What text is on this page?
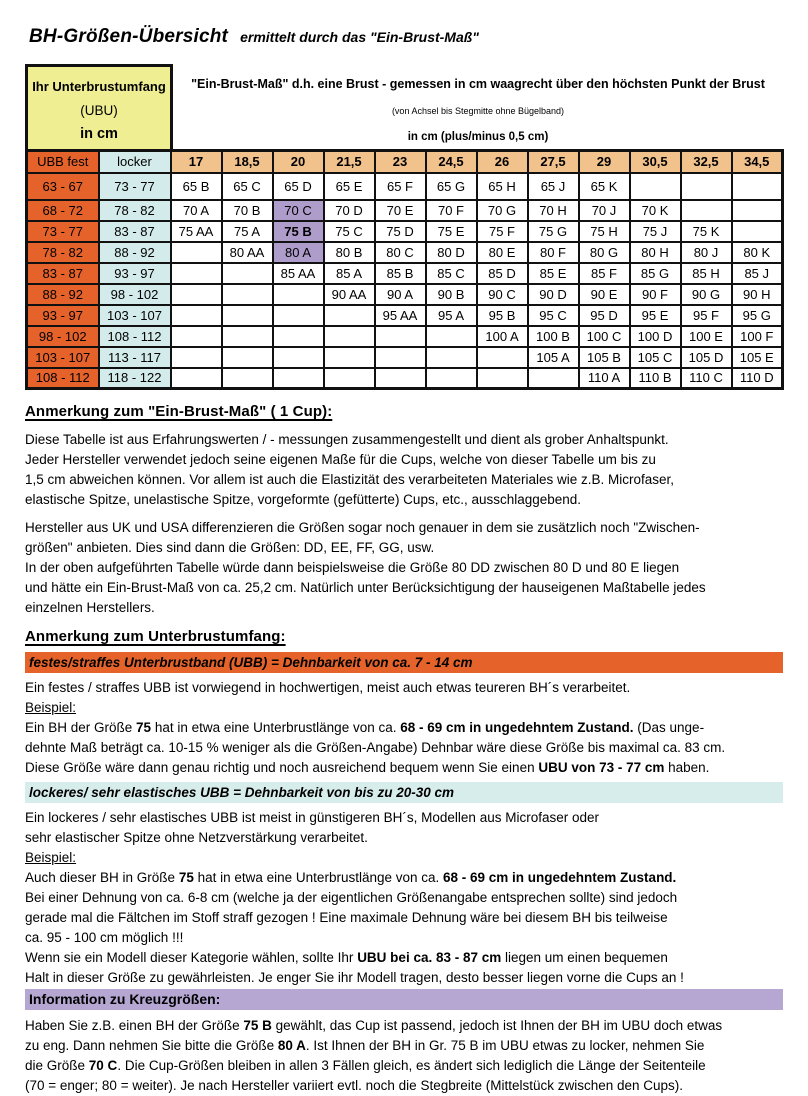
BH-Größen-Übersicht ermittelt durch das "Ein-Brust-Maß"
Ihr Unterbrustumfang
(UBU)
in cm
"Ein-Brust-Maß" d.h. eine Brust - gemessen in cm waagrecht über den höchsten Punkt der Brust
(von Achsel bis Stegmitte ohne Bügelband)
in cm (plus/minus 0,5 cm)
UBB fest	locker	17	18,5	20	21,5	23	24,5	26	27,5	29	30,5	32,5	34,5
63 - 67	73 - 77	65 B	65 C	65 D	65 E	65 F	65 G	65 H	65 J	65 K			
68 - 72	78 - 82	70 A	70 B	70 C	70 D	70 E	70 F	70 G	70 H	70 J	70 K		
73 - 77	83 - 87	75 AA	75 A	75 B	75 C	75 D	75 E	75 F	75 G	75 H	75 J	75 K	
78 - 82	88 - 92		80 AA	80 A	80 B	80 C	80 D	80 E	80 F	80 G	80 H	80 J	80 K
83 - 87	93 - 97			85 AA	85 A	85 B	85 C	85 D	85 E	85 F	85 G	85 H	85 J
88 - 92	98 - 102				90 AA	90 A	90 B	90 C	90 D	90 E	90 F	90 G	90 H
93 - 97	103 - 107					95 AA	95 A	95 B	95 C	95 D	95 E	95 F	95 G
98 - 102	108 - 112							100 A	100 B	100 C	100 D	100 E	100 F
103 - 107	113 - 117								105 A	105 B	105 C	105 D	105 E
108 - 112	118 - 122									110 A	110 B	110 C	110 D
Anmerkung zum "Ein-Brust-Maß" ( 1 Cup):
Diese Tabelle ist aus Erfahrungswerten / - messungen zusammengestellt und dient als grober Anhaltspunkt.
Jeder Hersteller verwendet jedoch seine eigenen Maße für die Cups, welche von dieser Tabelle um bis zu
1,5 cm abweichen können. Vor allem ist auch die Elastizität des verarbeiteten Materiales wie z.B. Microfaser,
elastische Spitze, unelastische Spitze, vorgeformte (gefütterte) Cups, etc., ausschlaggebend.
Hersteller aus UK und USA differenzieren die Größen sogar noch genauer in dem sie zusätzlich noch "Zwischen-
größen" anbieten. Dies sind dann die Größen: DD, EE, FF, GG, usw.
In der oben aufgeführten Tabelle würde dann beispielsweise die Größe 80 DD zwischen 80 D und 80 E liegen
und hätte ein Ein-Brust-Maß von ca. 25,2 cm. Natürlich unter Berücksichtigung der hauseigenen Maßtabelle jedes
einzelnen Herstellers.
Anmerkung zum Unterbrustumfang:
festes/straffes Unterbrustband (UBB) = Dehnbarkeit von ca. 7 - 14 cm
Ein festes / straffes UBB ist vorwiegend in hochwertigen, meist auch etwas teureren BH´s verarbeitet.
Beispiel:
Ein BH der Größe 75 hat in etwa eine Unterbrustlänge von ca. 68 - 69 cm in ungedehntem Zustand. (Das unge-
dehnte Maß beträgt ca. 10-15 % weniger als die Größen-Angabe) Dehnbar wäre diese Größe bis maximal ca. 83 cm.
Diese Größe wäre dann genau richtig und noch ausreichend bequem wenn Sie einen UBU von 73 - 77 cm haben.
lockeres/ sehr elastisches UBB = Dehnbarkeit von bis zu 20-30 cm
Ein lockeres / sehr elastisches UBB ist meist in günstigeren BH´s, Modellen aus Microfaser oder
sehr elastischer Spitze ohne Netzverstärkung verarbeitet.
Beispiel:
Auch dieser BH in Größe 75 hat in etwa eine Unterbrustlänge von ca. 68 - 69 cm in ungedehntem Zustand.
Bei einer Dehnung von ca. 6-8 cm (welche ja der eigentlichen Größenangabe entsprechen sollte) sind jedoch
gerade mal die Fältchen im Stoff straff gezogen ! Eine maximale Dehnung wäre bei diesem BH bis teilweise
ca. 95 - 100 cm möglich !!!
Wenn sie ein Modell dieser Kategorie wählen, sollte Ihr UBU bei ca. 83 - 87 cm liegen um einen bequemen
Halt in dieser Größe zu gewährleisten. Je enger Sie ihr Modell tragen, desto besser liegen vorne die Cups an !
Information zu Kreuzgrößen:
Haben Sie z.B. einen BH der Größe 75 B gewählt, das Cup ist passend, jedoch ist Ihnen der BH im UBU doch etwas
zu eng. Dann nehmen Sie bitte die Größe 80 A. Ist Ihnen der BH in Gr. 75 B im UBU etwas zu locker, nehmen Sie
die Größe 70 C. Die Cup-Größen bleiben in allen 3 Fällen gleich, es ändert sich lediglich die Länge der Seitenteile
(70 = enger; 80 = weiter). Je nach Hersteller variiert evtl. noch die Stegbreite (Mittelstück zwischen den Cups).
